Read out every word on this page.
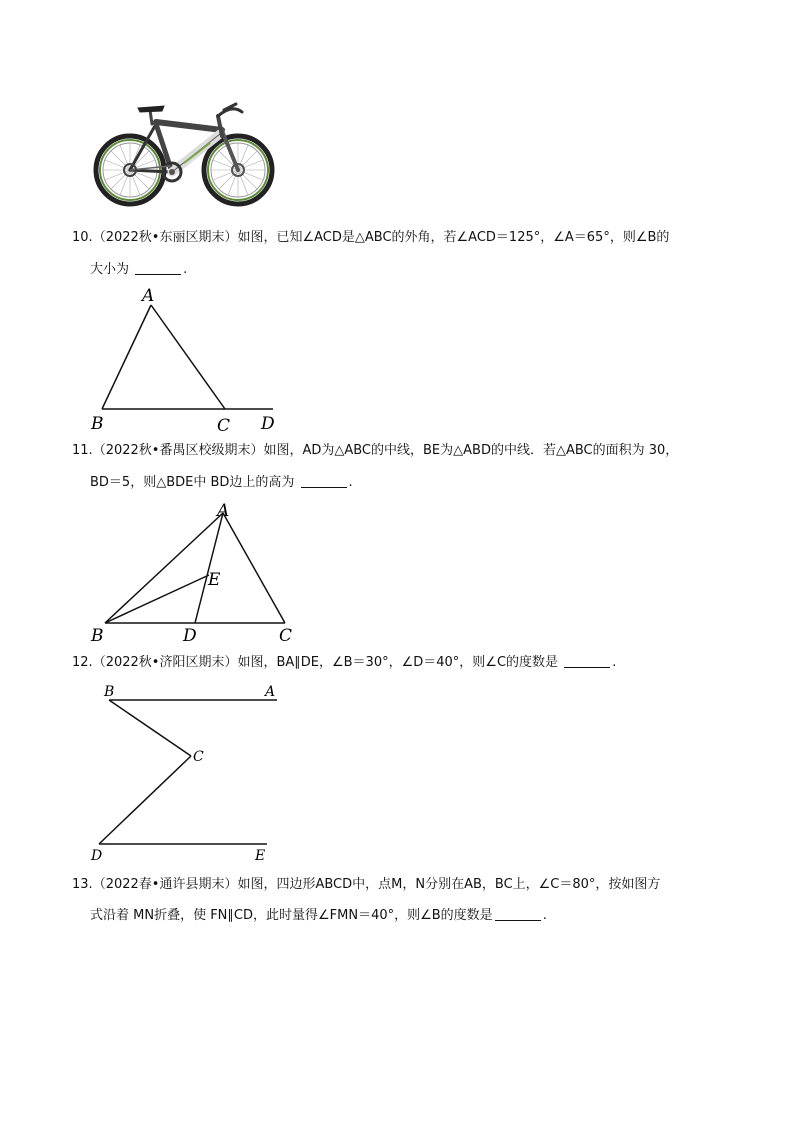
10.（2022秋•东丽区期末）如图，已知∠ACD是△ABC的外角，若∠ACD＝125°，∠A＝65°，则∠B的
大小为	.
A
B	C D
11.（2022秋•番禺区校级期末）如图，AD为△ABC的中线，BE为△ABD的中线．若△ABC的面积为 30，
BD＝5，则△BDE中 BD边上的高为	.
A
E
B	D	C
12.（2022秋•济阳区期末）如图，BA∥DE，∠B＝30°，∠D＝40°，则∠C的度数是	.
B	A
C
D	E
13.（2022春•通许县期末）如图，四边形ABCD中，点M，N分别在AB，BC上，∠C＝80°，按如图方
式沿着 MN折叠，使 FN∥CD，此时量得∠FMN＝40°，则∠B的度数是	.
